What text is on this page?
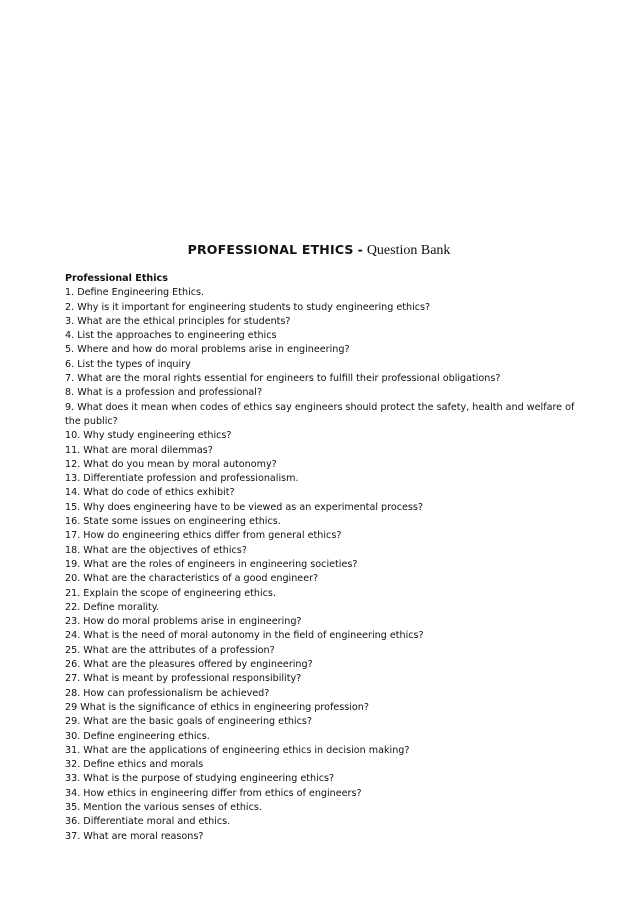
PROFESSIONAL ETHICS - Question Bank
Professional Ethics
1. Define Engineering Ethics.
2. Why is it important for engineering students to study engineering ethics?
3. What are the ethical principles for students?
4. List the approaches to engineering ethics
5. Where and how do moral problems arise in engineering?
6. List the types of inquiry
7. What are the moral rights essential for engineers to fulfill their professional obligations?
8. What is a profession and professional?
9. What does it mean when codes of ethics say engineers should protect the safety, health and welfare of the public?
10. Why study engineering ethics?
11. What are moral dilemmas?
12. What do you mean by moral autonomy?
13. Differentiate profession and professionalism.
14. What do code of ethics exhibit?
15. Why does engineering have to be viewed as an experimental process?
16. State some issues on engineering ethics.
17. How do engineering ethics differ from general ethics?
18. What are the objectives of ethics?
19. What are the roles of engineers in engineering societies?
20. What are the characteristics of a good engineer?
21. Explain the scope of engineering ethics.
22. Define morality.
23. How do moral problems arise in engineering?
24. What is the need of moral autonomy in the field of engineering ethics?
25. What are the attributes of a profession?
26. What are the pleasures offered by engineering?
27. What is meant by professional responsibility?
28. How can professionalism be achieved?
29 What is the significance of ethics in engineering profession?
29. What are the basic goals of engineering ethics?
30. Define engineering ethics.
31. What are the applications of engineering ethics in decision making?
32. Define ethics and morals
33. What is the purpose of studying engineering ethics?
34. How ethics in engineering differ from ethics of engineers?
35. Mention the various senses of ethics.
36. Differentiate moral and ethics.
37. What are moral reasons?
